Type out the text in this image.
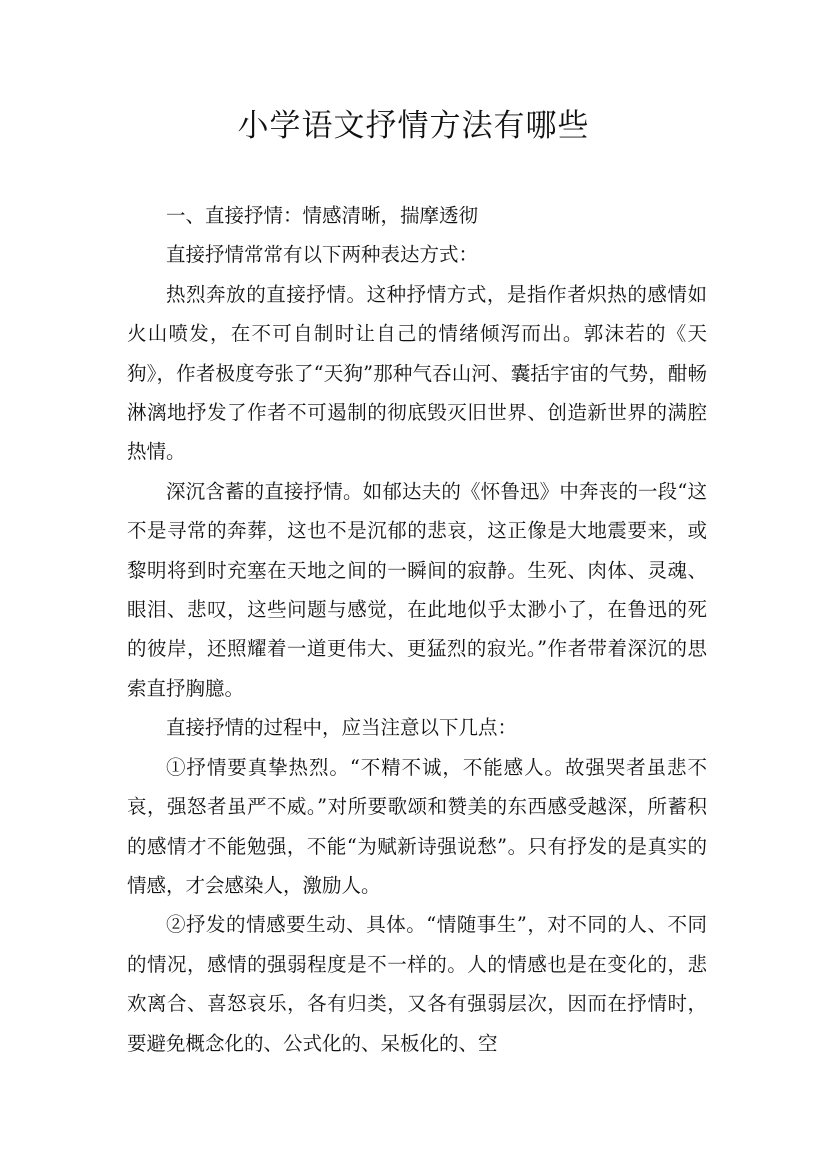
小学语文抒情方法有哪些

一、直接抒情：情感清晰，揣摩透彻

直接抒情常常有以下两种表达方式：

热烈奔放的直接抒情。这种抒情方式，是指作者炽热的感情如火山喷发，在不可自制时让自己的情绪倾泻而出。郭沫若的《天狗》，作者极度夸张了“天狗”那种气吞山河、囊括宇宙的气势，酣畅淋漓地抒发了作者不可遏制的彻底毁灭旧世界、创造新世界的满腔热情。

深沉含蓄的直接抒情。如郁达夫的《怀鲁迅》中奔丧的一段“这不是寻常的奔葬，这也不是沉郁的悲哀，这正像是大地震要来，或黎明将到时充塞在天地之间的一瞬间的寂静。生死、肉体、灵魂、眼泪、悲叹，这些问题与感觉，在此地似乎太渺小了，在鲁迅的死的彼岸，还照耀着一道更伟大、更猛烈的寂光。”作者带着深沉的思索直抒胸臆。

直接抒情的过程中，应当注意以下几点：

①抒情要真挚热烈。“不精不诚，不能感人。故强哭者虽悲不哀，强怒者虽严不威。”对所要歌颂和赞美的东西感受越深，所蓄积的感情才不能勉强，不能“为赋新诗强说愁”。只有抒发的是真实的情感，才会感染人，激励人。

②抒发的情感要生动、具体。“情随事生”，对不同的人、不同的情况，感情的强弱程度是不一样的。人的情感也是在变化的，悲欢离合、喜怒哀乐，各有归类，又各有强弱层次，因而在抒情时，要避免概念化的、公式化的、呆板化的、空
